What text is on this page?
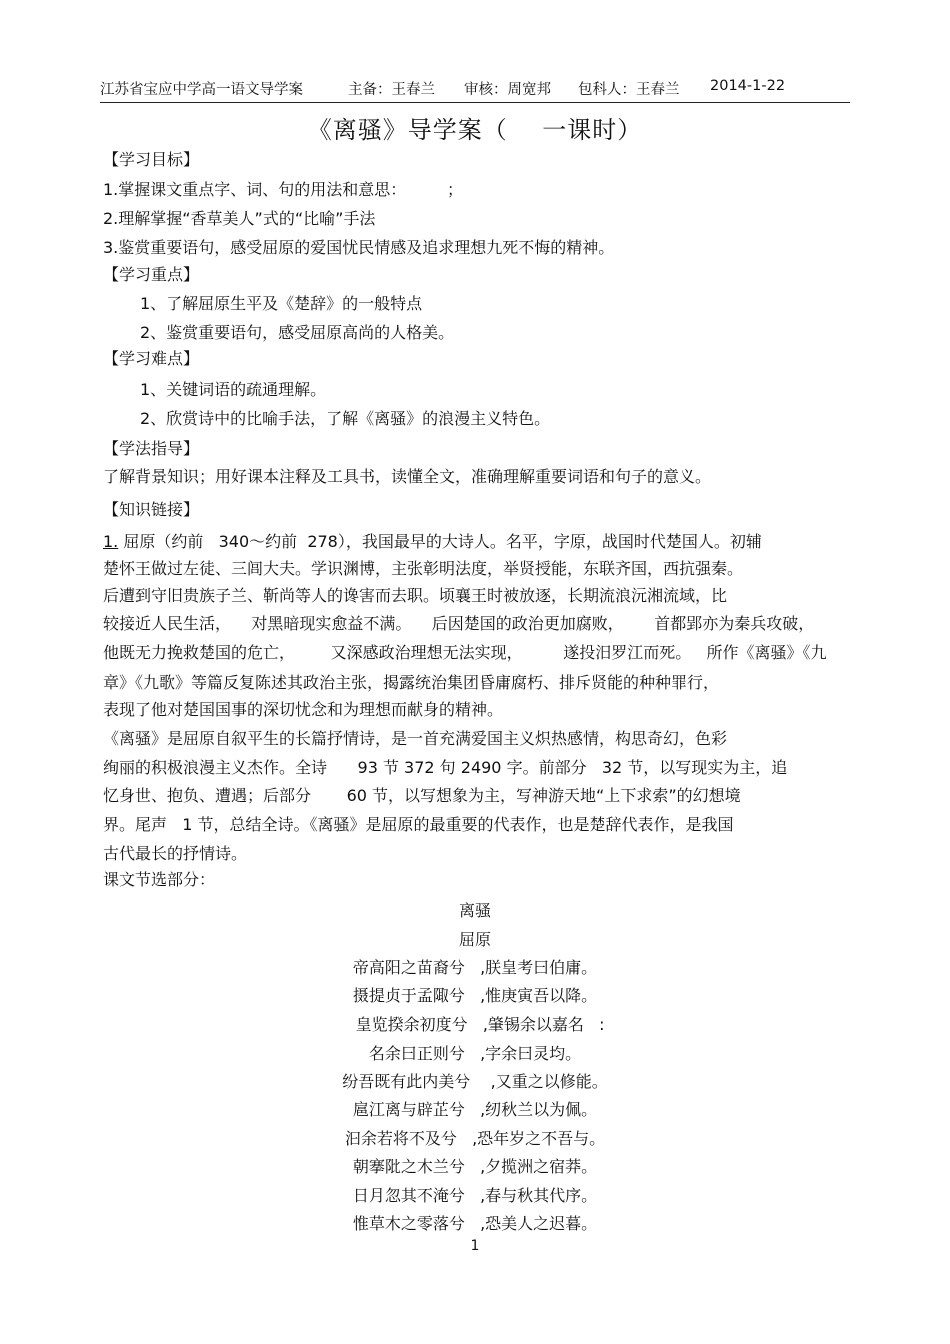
江苏省宝应中学高一语文导学案	主备：王春兰 审核：周宽邦 包科人：王春兰 2014-1-22
《离骚》导学案（    一课时）
【学习目标】
1.掌握课文重点字、词、句的用法和意思：        ；
2.理解掌握“香草美人”式的“比喻”手法
3.鉴赏重要语句，感受屈原的爱国忧民情感及追求理想九死不悔的精神。
【学习重点】
1、了解屈原生平及《楚辞》的一般特点
2、鉴赏重要语句，感受屈原高尚的人格美。
【学习难点】
1、关键词语的疏通理解。
2、欣赏诗中的比喻手法，了解《离骚》的浪漫主义特色。
【学法指导】
了解背景知识；用好课本注释及工具书，读懂全文，准确理解重要词语和句子的意义。
【知识链接】
1. 屈原（约前   340～约前  278），我国最早的大诗人。名平，字原，战国时代楚国人。初辅
楚怀王做过左徒、三闾大夫。学识渊博，主张彰明法度，举贤授能，东联齐国，西抗强秦。
后遭到守旧贵族子兰、靳尚等人的谗害而去职。顷襄王时被放逐，长期流浪沅湘流域，比
较接近人民生活，    对黑暗现实愈益不满。    后因楚国的政治更加腐败，      首都郢亦为秦兵攻破，
他既无力挽救楚国的危亡，       又深感政治理想无法实现，        遂投汨罗江而死。   所作《离骚》《九
章》《九歌》等篇反复陈述其政治主张，揭露统治集团昏庸腐朽、排斥贤能的种种罪行，
表现了他对楚国国事的深切忧念和为理想而献身的精神。
《离骚》是屈原自叙平生的长篇抒情诗，是一首充满爱国主义炽热感情，构思奇幻，色彩
绚丽的积极浪漫主义杰作。全诗      93 节 372 句 2490 字。前部分   32 节，以写现实为主，追
忆身世、抱负、遭遇；后部分       60 节，以写想象为主，写神游天地“上下求索”的幻想境
界。尾声   1 节，总结全诗。《离骚》是屈原的最重要的代表作，也是楚辞代表作，是我国
古代最长的抒情诗。
课文节选部分：
离骚
屈原
帝高阳之苗裔兮   ,朕皇考曰伯庸。
摄提贞于孟陬兮   ,惟庚寅吾以降。
皇览揆余初度兮   ,肇锡余以嘉名   :
名余曰正则兮   ,字余曰灵均。
纷吾既有此内美兮    ,又重之以修能。
扈江离与辟芷兮   ,纫秋兰以为佩。
汩余若将不及兮   ,恐年岁之不吾与。
朝搴阰之木兰兮   ,夕揽洲之宿莽。
日月忽其不淹兮   ,春与秋其代序。
惟草木之零落兮   ,恐美人之迟暮。
1
